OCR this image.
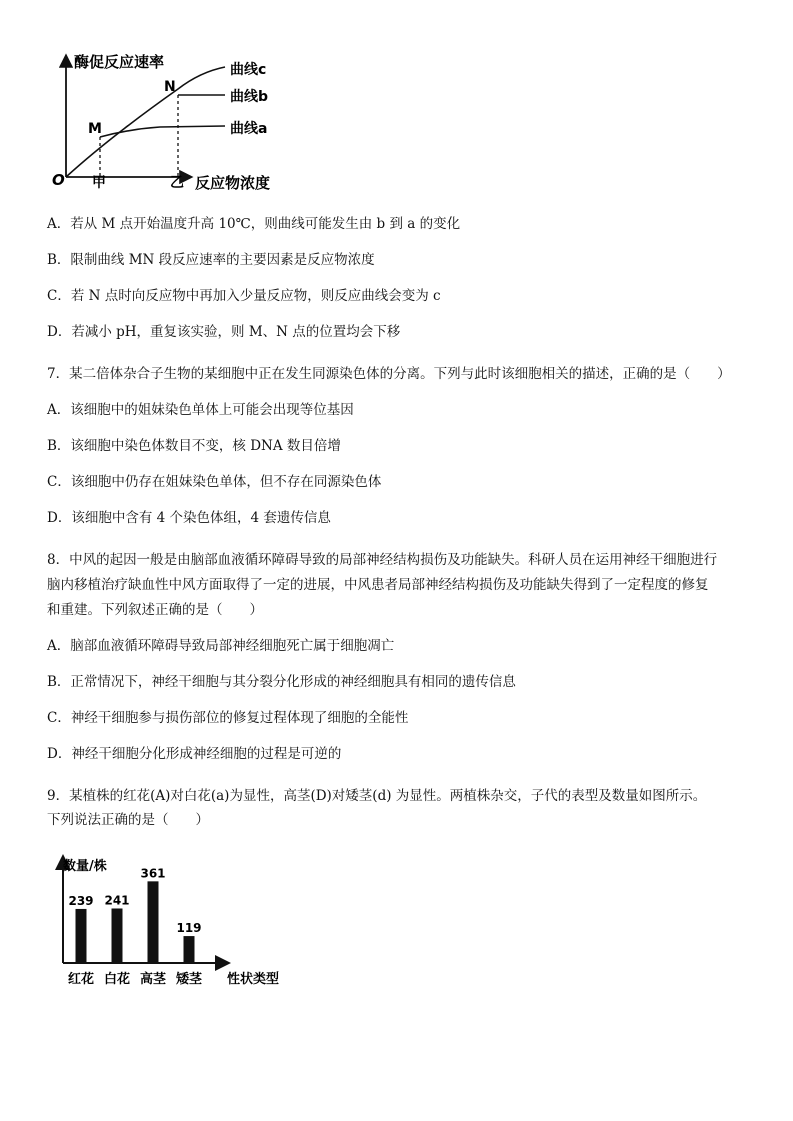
酶促反应速率
N
M
曲线c
曲线b
曲线a
O 甲	乙 反应物浓度

A．若从 M 点开始温度升高 10℃，则曲线可能发生由 b 到 a 的变化

B．限制曲线 MN 段反应速率的主要因素是反应物浓度

C．若 N 点时向反应物中再加入少量反应物，则反应曲线会变为 c

D．若减小 pH，重复该实验，则 M、N 点的位置均会下移

7．某二倍体杂合子生物的某细胞中正在发生同源染色体的分离。下列与此时该细胞相关的描述，正确的是（　　）

A．该细胞中的姐妹染色单体上可能会出现等位基因

B．该细胞中染色体数目不变，核 DNA 数目倍增

C．该细胞中仍存在姐妹染色单体，但不存在同源染色体

D．该细胞中含有 4 个染色体组，4 套遗传信息

8．中风的起因一般是由脑部血液循环障碍导致的局部神经结构损伤及功能缺失。科研人员在运用神经干细胞进行

脑内移植治疗缺血性中风方面取得了一定的进展，中风患者局部神经结构损伤及功能缺失得到了一定程度的修复

和重建。下列叙述正确的是（　　）

A．脑部血液循环障碍导致局部神经细胞死亡属于细胞凋亡

B．正常情况下，神经干细胞与其分裂分化形成的神经细胞具有相同的遗传信息

C．神经干细胞参与损伤部位的修复过程体现了细胞的全能性

D．神经干细胞分化形成神经细胞的过程是可逆的

9．某植株的红花(A)对白花(a)为显性，高茎(D)对矮茎(d) 为显性。两植株杂交，子代的表型及数量如图所示。

下列说法正确的是（　　）

数量/株
性状类型
239
红花
241
白花
361
高茎
119
矮茎
